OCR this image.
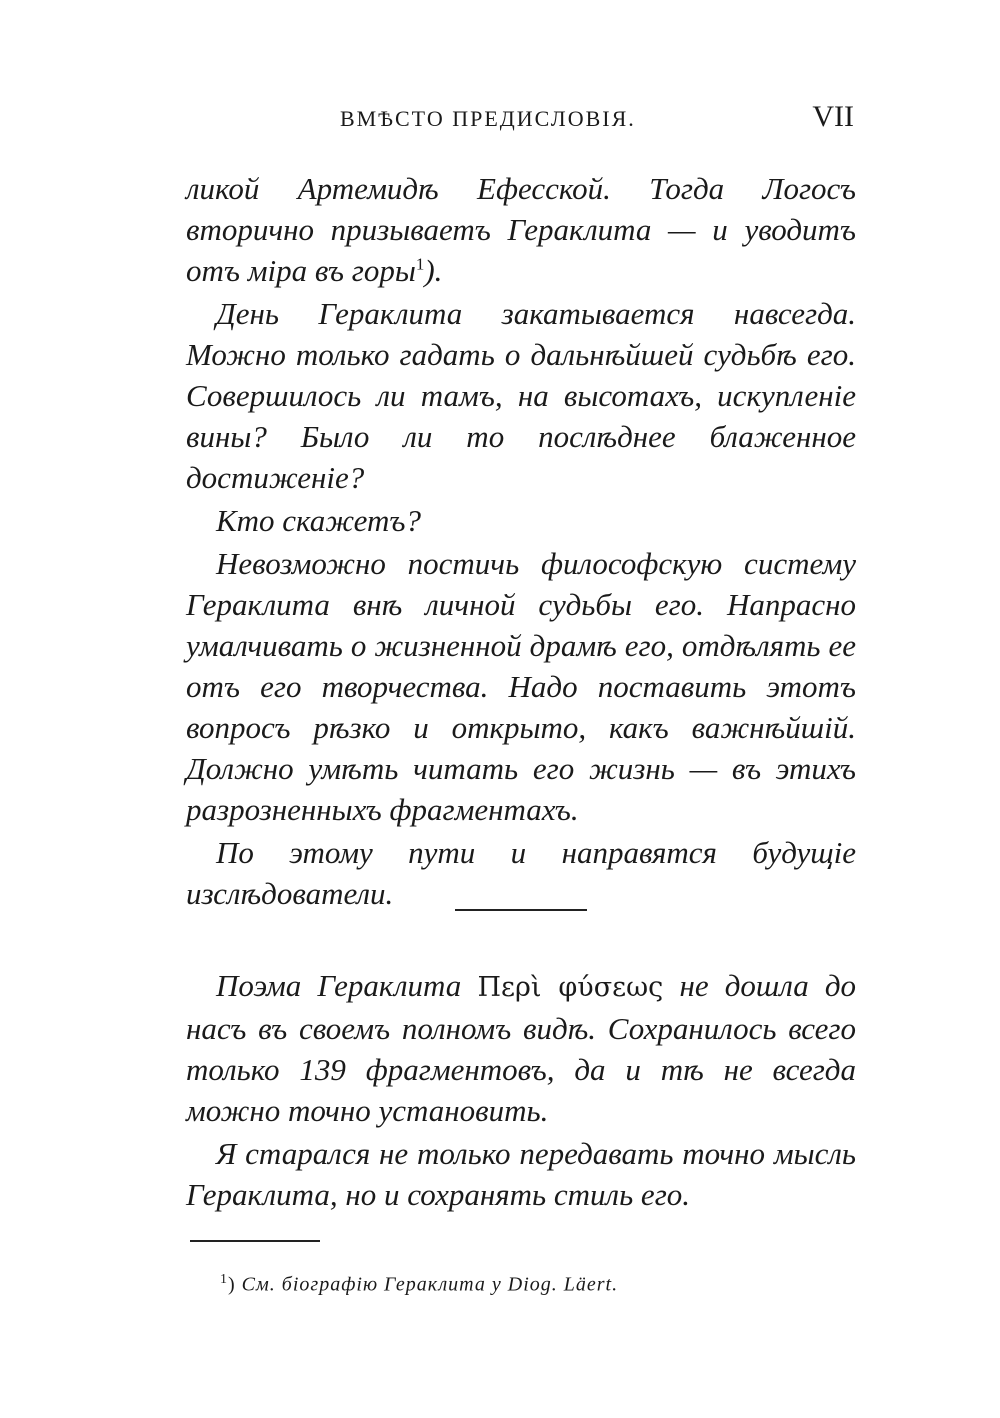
ВМѢСТО ПРЕДИСЛОВІЯ.	VII

ликой Артемидѣ Ефесской. Тогда Логосъ вторично призываетъ Гераклита — и уводитъ отъ міра въ горы$^1$).

День Гераклита закатывается навсегда. Можно только гадать о дальнѣйшей судьбѣ его. Совершилось ли тамъ, на высотахъ, искупленіе вины? Было ли то послѣднее блаженное достиженіе?

Кто скажетъ?

Невозможно постичь философскую систему Гераклита внѣ личной судьбы его. Напрасно умалчивать о жизненной драмѣ его, отдѣлять ее отъ его творчества. Надо поставить этотъ вопросъ рѣзко и открыто, какъ важнѣйшій. Должно умѣть читать его жизнь — въ этихъ разрозненныхъ фрагментахъ.

По этому пути и направятся будущіе изслѣдователи.

Поэма Гераклита Περὶ φύσεως не дошла до насъ въ своемъ полномъ видѣ. Сохранилось всего только 139 фрагментовъ, да и тѣ не всегда можно точно установить.

Я старался не только передавать точно мысль Гераклита, но и сохранять стиль его.

$^1$) См. біографію Гераклита у Diog. Läert.
